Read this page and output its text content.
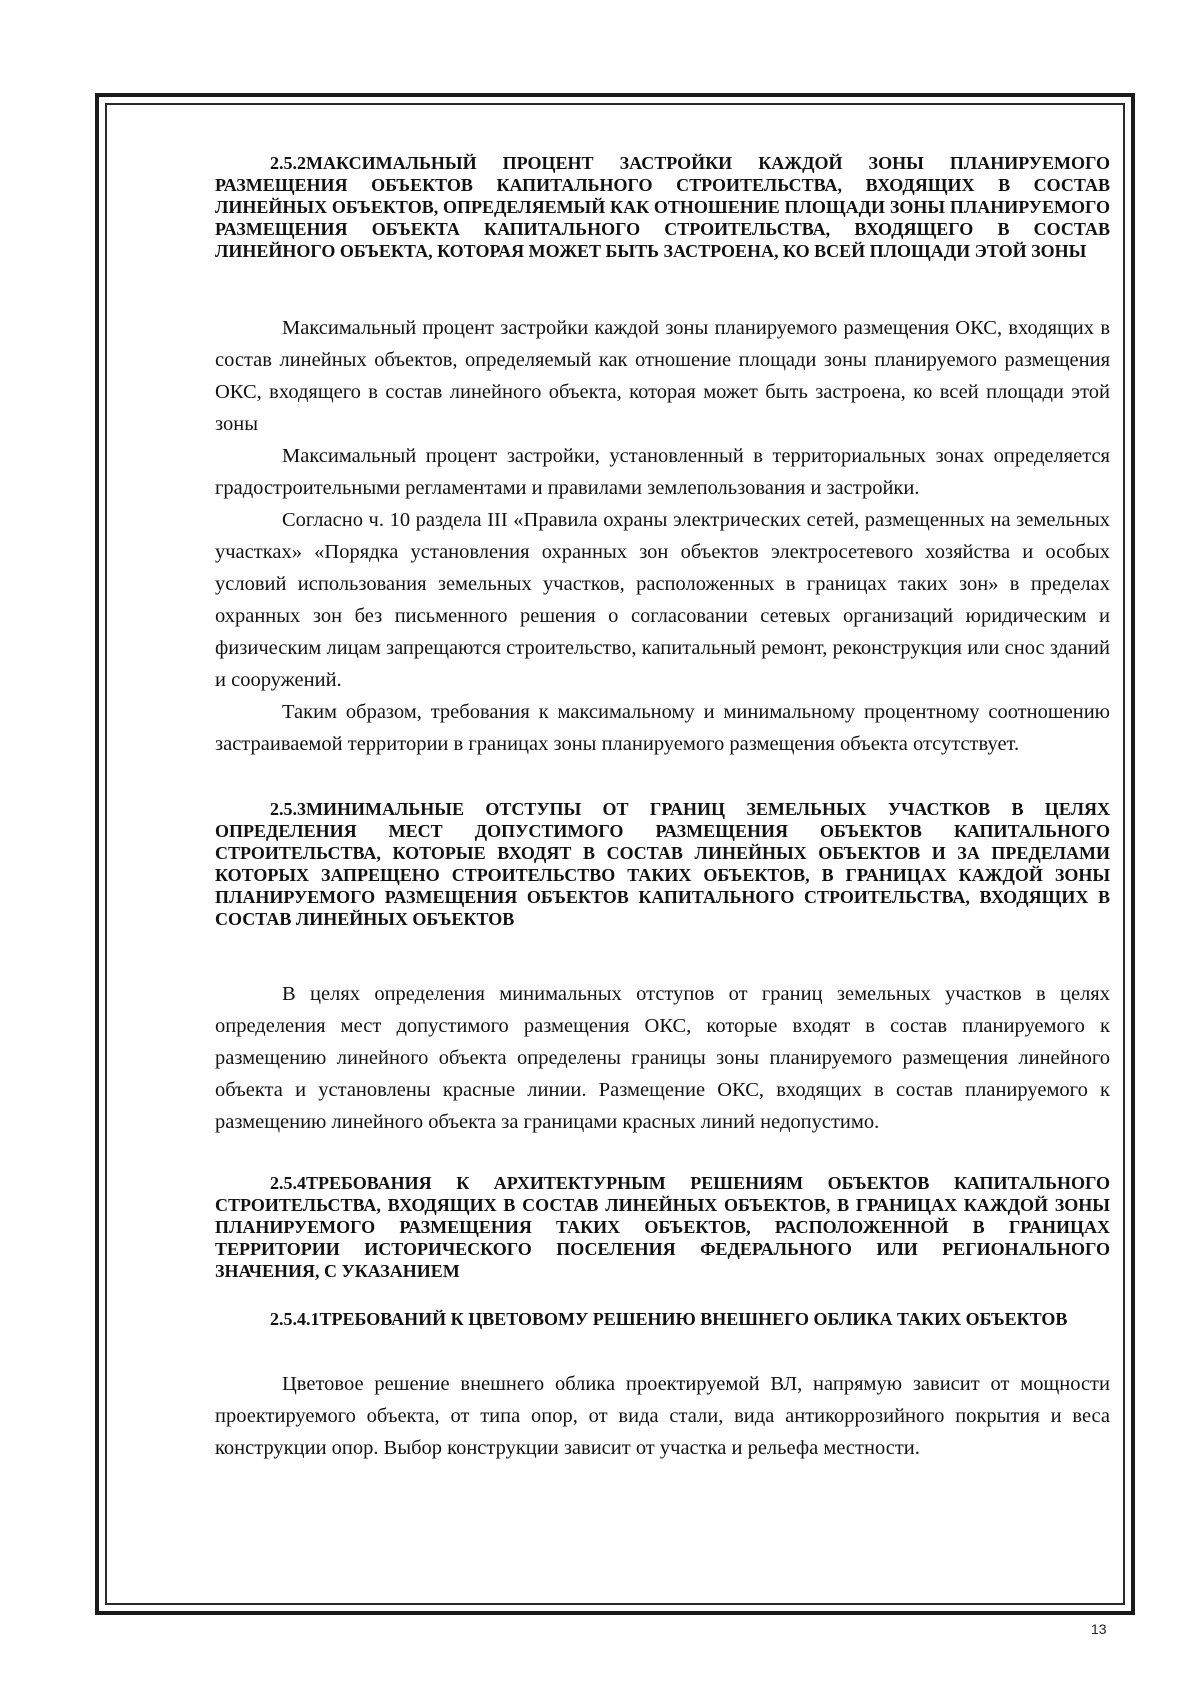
2.5.2МАКСИМАЛЬНЫЙ ПРОЦЕНТ ЗАСТРОЙКИ КАЖДОЙ ЗОНЫ ПЛАНИРУЕМОГО РАЗМЕЩЕНИЯ ОБЪЕКТОВ КАПИТАЛЬНОГО СТРОИТЕЛЬСТВА, ВХОДЯЩИХ В СОСТАВ ЛИНЕЙНЫХ ОБЪЕКТОВ, ОПРЕДЕЛЯЕМЫЙ КАК ОТНОШЕНИЕ ПЛОЩАДИ ЗОНЫ ПЛАНИРУЕМОГО РАЗМЕЩЕНИЯ ОБЪЕКТА КАПИТАЛЬНОГО СТРОИТЕЛЬСТВА, ВХОДЯЩЕГО В СОСТАВ ЛИНЕЙНОГО ОБЪЕКТА, КОТОРАЯ МОЖЕТ БЫТЬ ЗАСТРОЕНА, КО ВСЕЙ ПЛОЩАДИ ЭТОЙ ЗОНЫ

Максимальный процент застройки каждой зоны планируемого размещения ОКС, входящих в состав линейных объектов, определяемый как отношение площади зоны планируемого размещения ОКС, входящего в состав линейного объекта, которая может быть застроена, ко всей площади этой зоны

Максимальный процент застройки, установленный в территориальных зонах определяется градостроительными регламентами и правилами землепользования и застройки.

Согласно ч. 10 раздела III «Правила охраны электрических сетей, размещенных на земельных участках» «Порядка установления охранных зон объектов электросетевого хозяйства и особых условий использования земельных участков, расположенных в границах таких зон» в пределах охранных зон без письменного решения о согласовании сетевых организаций юридическим и физическим лицам запрещаются строительство, капитальный ремонт, реконструкция или снос зданий и сооружений.

Таким образом, требования к максимальному и минимальному процентному соотношению застраиваемой территории в границах зоны планируемого размещения объекта отсутствует.

2.5.3МИНИМАЛЬНЫЕ ОТСТУПЫ ОТ ГРАНИЦ ЗЕМЕЛЬНЫХ УЧАСТКОВ В ЦЕЛЯХ ОПРЕДЕЛЕНИЯ МЕСТ ДОПУСТИМОГО РАЗМЕЩЕНИЯ ОБЪЕКТОВ КАПИТАЛЬНОГО СТРОИТЕЛЬСТВА, КОТОРЫЕ ВХОДЯТ В СОСТАВ ЛИНЕЙНЫХ ОБЪЕКТОВ И ЗА ПРЕДЕЛАМИ КОТОРЫХ ЗАПРЕЩЕНО СТРОИТЕЛЬСТВО ТАКИХ ОБЪЕКТОВ, В ГРАНИЦАХ КАЖДОЙ ЗОНЫ ПЛАНИРУЕМОГО РАЗМЕЩЕНИЯ ОБЪЕКТОВ КАПИТАЛЬНОГО СТРОИТЕЛЬСТВА, ВХОДЯЩИХ В СОСТАВ ЛИНЕЙНЫХ ОБЪЕКТОВ

В целях определения минимальных отступов от границ земельных участков в целях определения мест допустимого размещения ОКС, которые входят в состав планируемого к размещению линейного объекта определены границы зоны планируемого размещения линейного объекта и установлены красные линии. Размещение ОКС, входящих в состав планируемого к размещению линейного объекта за границами красных линий недопустимо.

2.5.4ТРЕБОВАНИЯ К АРХИТЕКТУРНЫМ РЕШЕНИЯМ ОБЪЕКТОВ КАПИТАЛЬНОГО СТРОИТЕЛЬСТВА, ВХОДЯЩИХ В СОСТАВ ЛИНЕЙНЫХ ОБЪЕКТОВ, В ГРАНИЦАХ КАЖДОЙ ЗОНЫ ПЛАНИРУЕМОГО РАЗМЕЩЕНИЯ ТАКИХ ОБЪЕКТОВ, РАСПОЛОЖЕННОЙ В ГРАНИЦАХ ТЕРРИТОРИИ ИСТОРИЧЕСКОГО ПОСЕЛЕНИЯ ФЕДЕРАЛЬНОГО ИЛИ РЕГИОНАЛЬНОГО ЗНАЧЕНИЯ, С УКАЗАНИЕМ
2.5.4.1ТРЕБОВАНИЙ К ЦВЕТОВОМУ РЕШЕНИЮ ВНЕШНЕГО ОБЛИКА ТАКИХ ОБЪЕКТОВ

Цветовое решение внешнего облика проектируемой ВЛ, напрямую зависит от мощности проектируемого объекта, от типа опор, от вида стали, вида антикоррозийного покрытия и веса конструкции опор. Выбор конструкции зависит от участка и рельефа местности.

13
